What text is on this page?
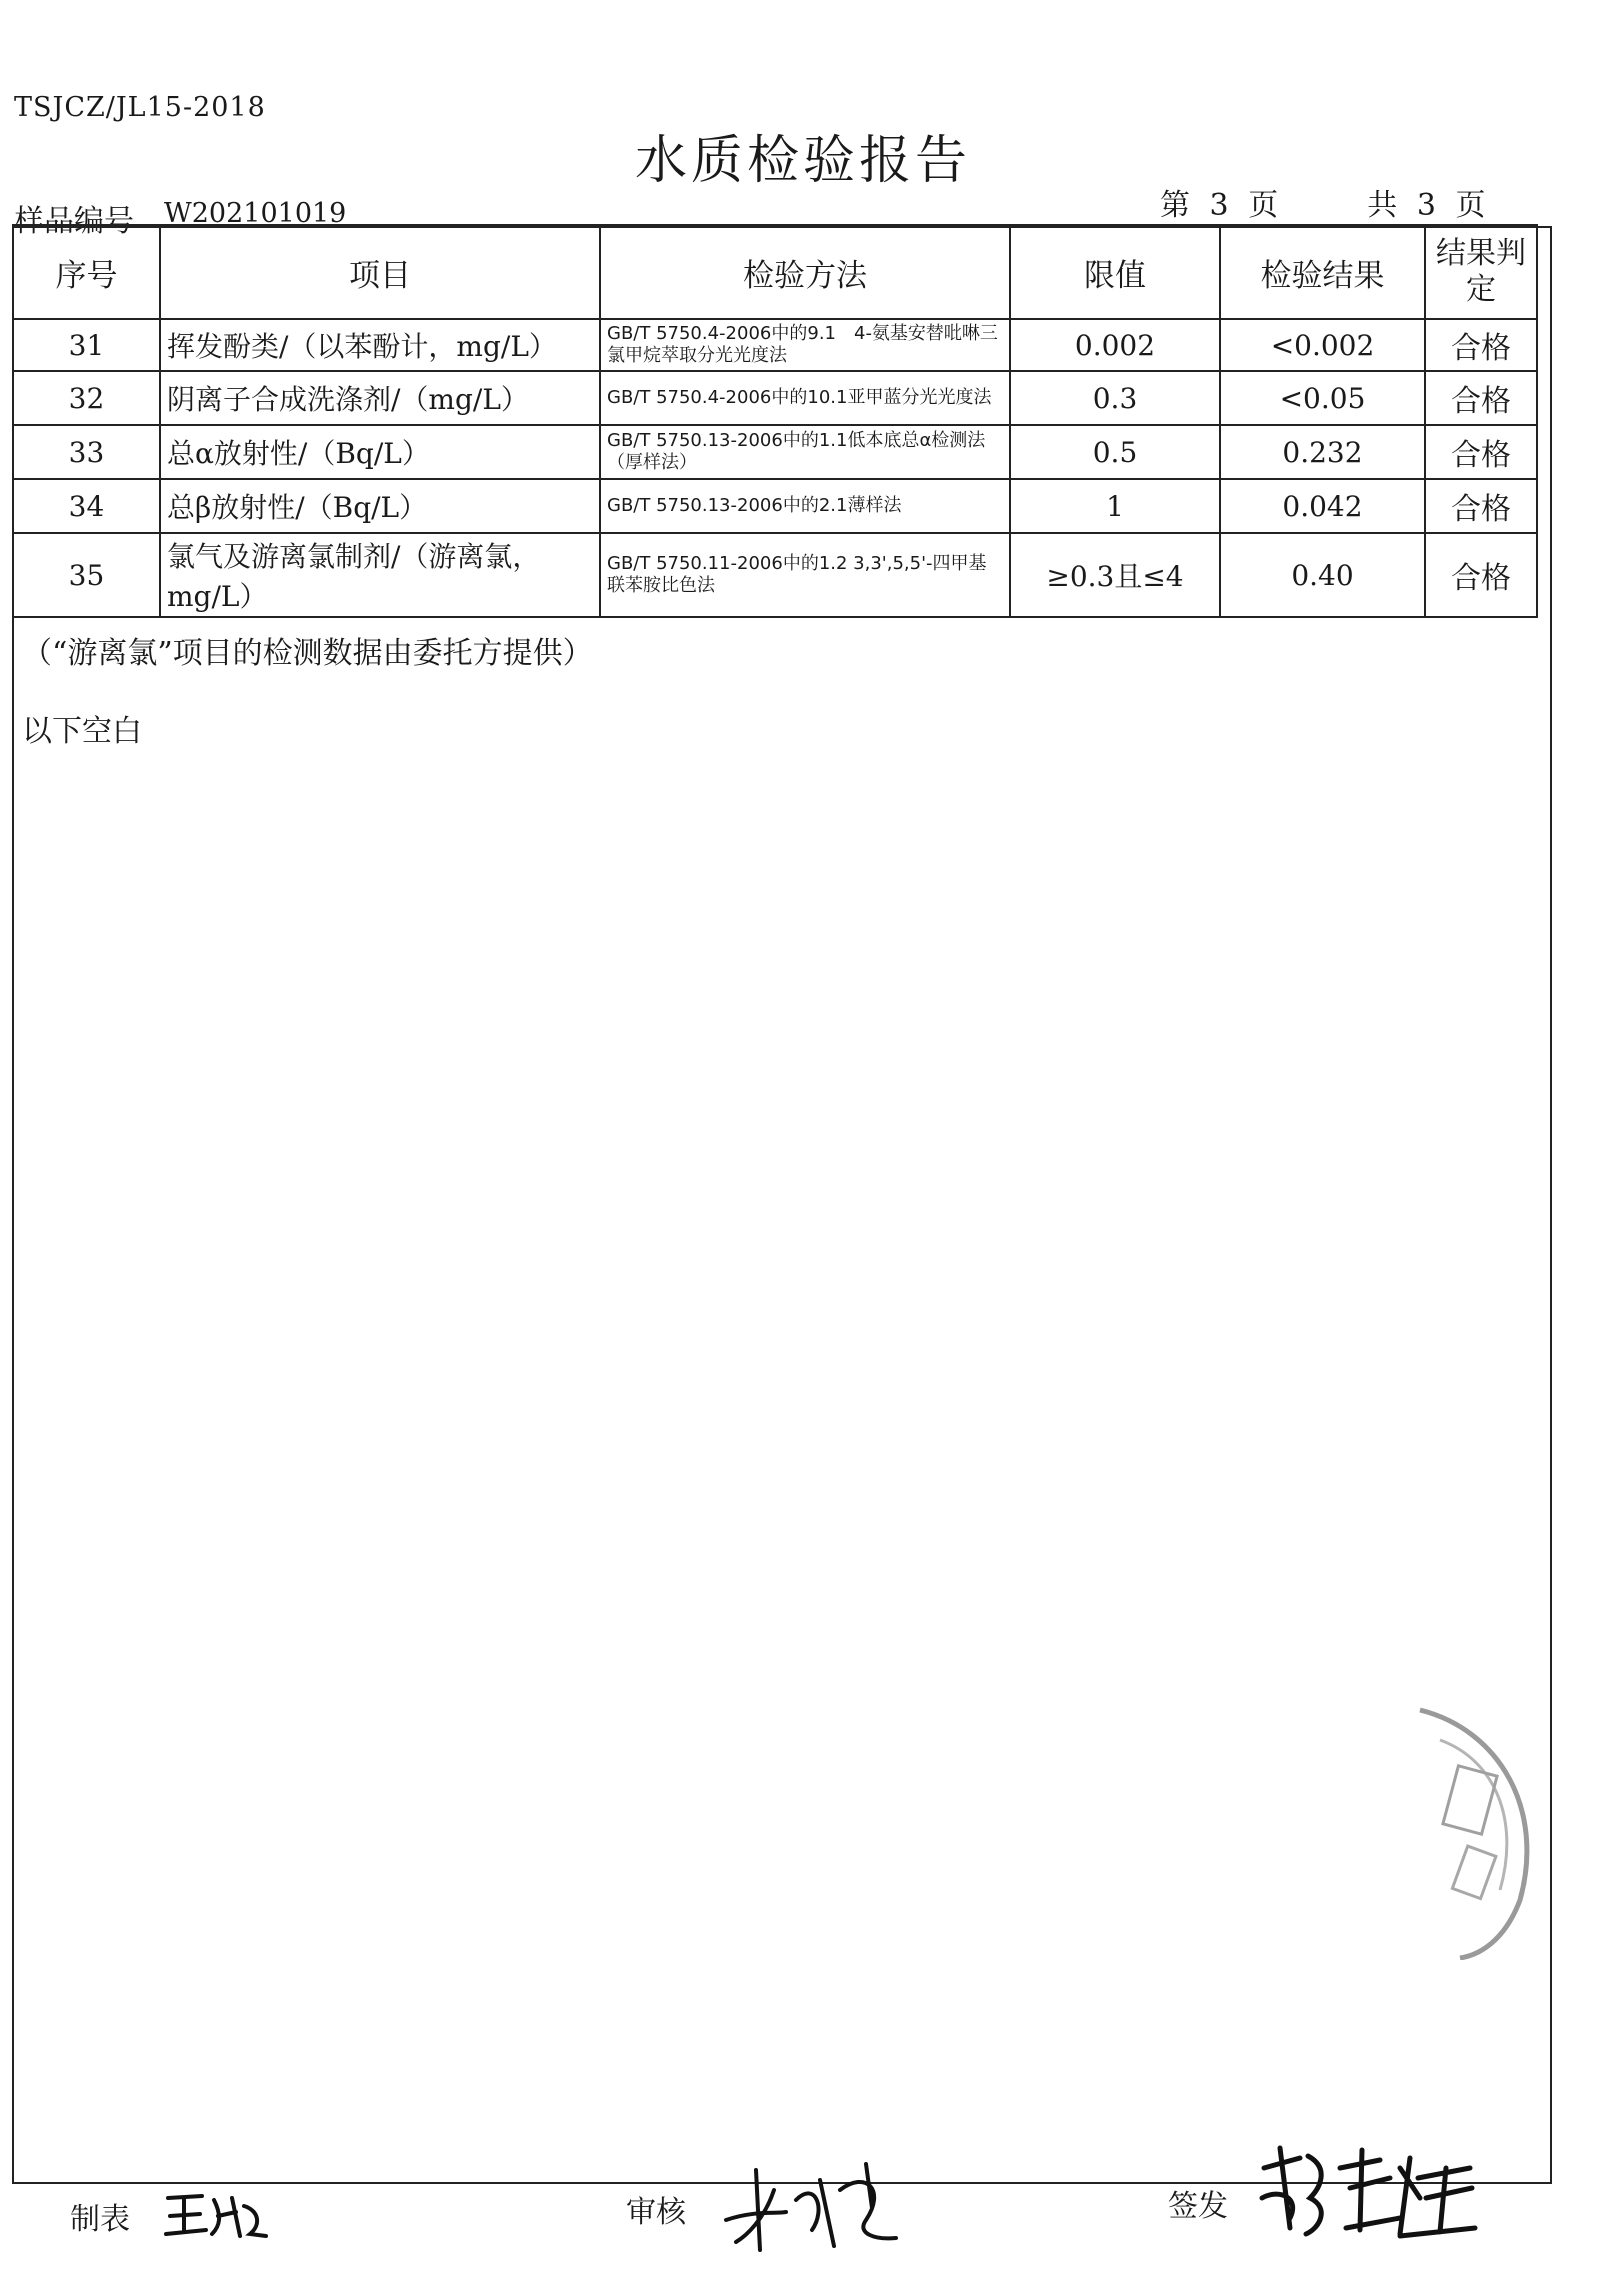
TSJCZ/JL15-2018
水质检验报告
样品编号 W202101019	第 3 页	共 3 页
序号	项目	检验方法	限值	检验结果	结果判定
31	挥发酚类/（以苯酚计，mg/L）	GB/T 5750.4-2006中的9.1　4-氨基安替吡啉三氯甲烷萃取分光光度法	0.002	<0.002	合格
32	阴离子合成洗涤剂/（mg/L）	GB/T 5750.4-2006中的10.1亚甲蓝分光光度法	0.3	<0.05	合格
33	总α放射性/（Bq/L）	GB/T 5750.13-2006中的1.1低本底总α检测法（厚样法）	0.5	0.232	合格
34	总β放射性/（Bq/L）	GB/T 5750.13-2006中的2.1薄样法	1	0.042	合格
35	氯气及游离氯制剂/（游离氯，mg/L）	GB/T 5750.11-2006中的1.2 3,3',5,5'-四甲基联苯胺比色法	≥0.3且≤4	0.40	合格
（“游离氯”项目的检测数据由委托方提供）
以下空白
制表	审核	签发
